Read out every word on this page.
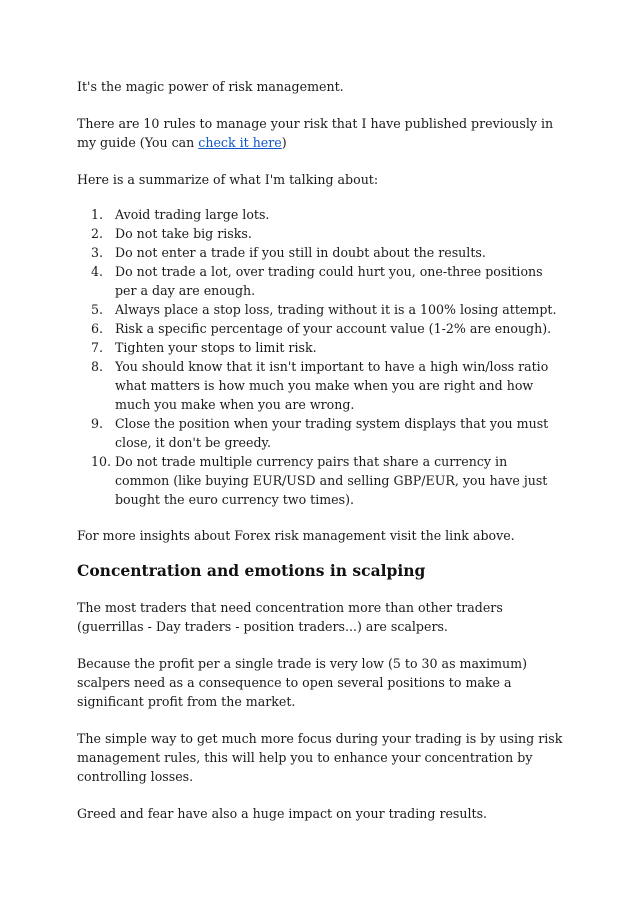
It's the magic power of risk management.

There are 10 rules to manage your risk that I have published previously in my guide (You can check it here)

Here is a summarize of what I'm talking about:

1. Avoid trading large lots.
2. Do not take big risks.
3. Do not enter a trade if you still in doubt about the results.
4. Do not trade a lot, over trading could hurt you, one-three positions per a day are enough.
5. Always place a stop loss, trading without it is a 100% losing attempt.
6. Risk a specific percentage of your account value (1-2% are enough).
7. Tighten your stops to limit risk.
8. You should know that it isn't important to have a high win/loss ratio what matters is how much you make when you are right and how much you make when you are wrong.
9. Close the position when your trading system displays that you must close, it don't be greedy.
10. Do not trade multiple currency pairs that share a currency in common (like buying EUR/USD and selling GBP/EUR, you have just bought the euro currency two times).

For more insights about Forex risk management visit the link above.

Concentration and emotions in scalping

The most traders that need concentration more than other traders (guerrillas - Day traders - position traders...) are scalpers.

Because the profit per a single trade is very low (5 to 30 as maximum) scalpers need as a consequence to open several positions to make a significant profit from the market.

The simple way to get much more focus during your trading is by using risk management rules, this will help you to enhance your concentration by controlling losses.

Greed and fear have also a huge impact on your trading results.
